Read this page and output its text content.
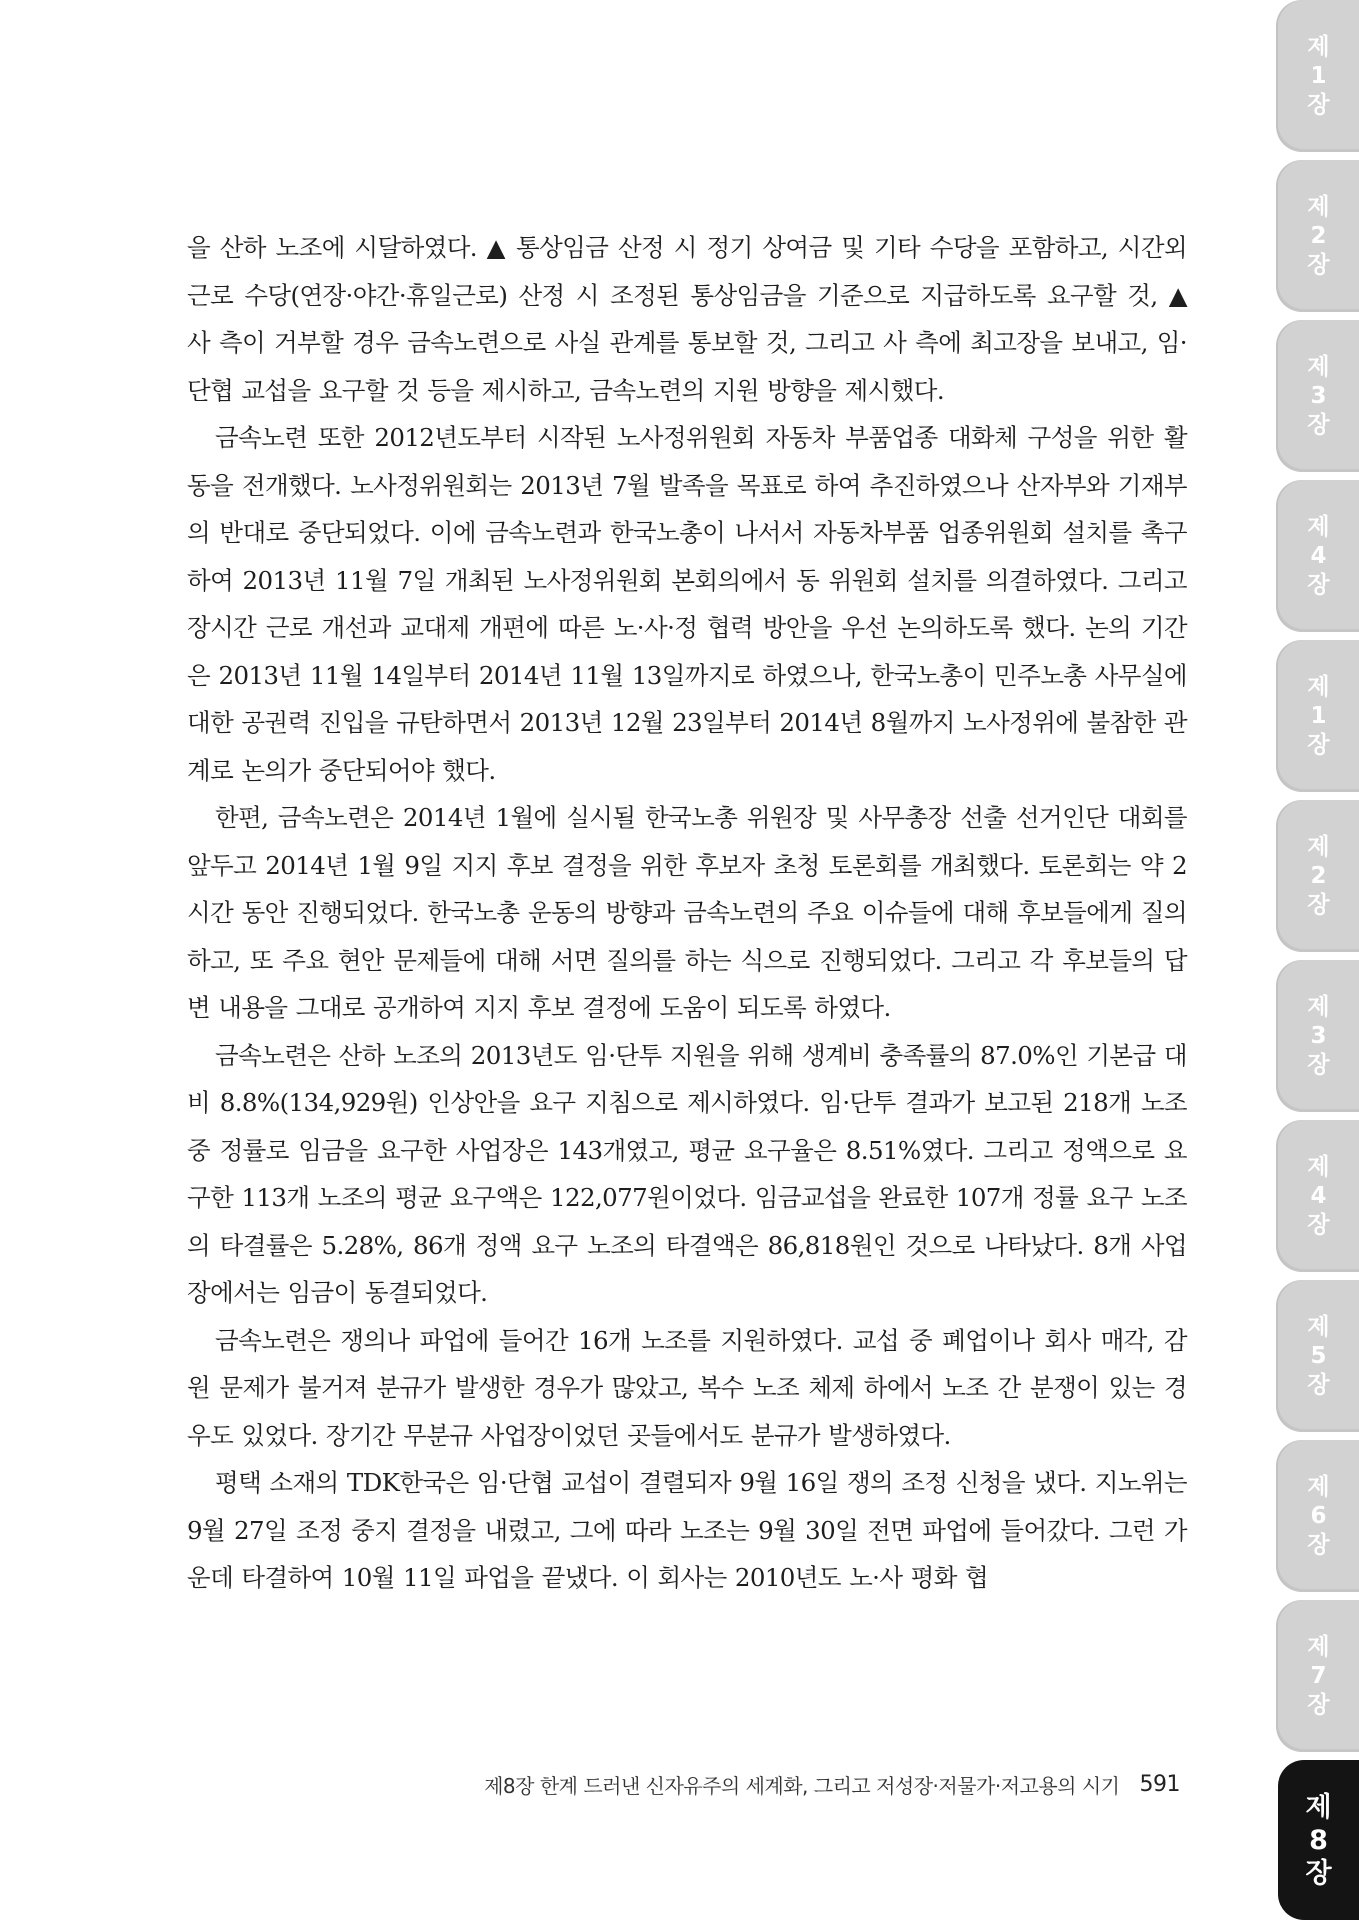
을 산하 노조에 시달하였다. ▲ 통상임금 산정 시 정기 상여금 및 기타 수당을 포함하고, 시간외 근로 수당(연장·야간·휴일근로) 산정 시 조정된 통상임금을 기준으로 지급하도록 요구할 것, ▲ 사 측이 거부할 경우 금속노련으로 사실 관계를 통보할 것, 그리고 사 측에 최고장을 보내고, 임·단협 교섭을 요구할 것 등을 제시하고, 금속노련의 지원 방향을 제시했다.

금속노련 또한 2012년도부터 시작된 노사정위원회 자동차 부품업종 대화체 구성을 위한 활동을 전개했다. 노사정위원회는 2013년 7월 발족을 목표로 하여 추진하였으나 산자부와 기재부의 반대로 중단되었다. 이에 금속노련과 한국노총이 나서서 자동차부품 업종위원회 설치를 촉구하여 2013년 11월 7일 개최된 노사정위원회 본회의에서 동 위원회 설치를 의결하였다. 그리고 장시간 근로 개선과 교대제 개편에 따른 노·사·정 협력 방안을 우선 논의하도록 했다. 논의 기간은 2013년 11월 14일부터 2014년 11월 13일까지로 하였으나, 한국노총이 민주노총 사무실에 대한 공권력 진입을 규탄하면서 2013년 12월 23일부터 2014년 8월까지 노사정위에 불참한 관계로 논의가 중단되어야 했다.

한편, 금속노련은 2014년 1월에 실시될 한국노총 위원장 및 사무총장 선출 선거인단 대회를 앞두고 2014년 1월 9일 지지 후보 결정을 위한 후보자 초청 토론회를 개최했다. 토론회는 약 2시간 동안 진행되었다. 한국노총 운동의 방향과 금속노련의 주요 이슈들에 대해 후보들에게 질의하고, 또 주요 현안 문제들에 대해 서면 질의를 하는 식으로 진행되었다. 그리고 각 후보들의 답변 내용을 그대로 공개하여 지지 후보 결정에 도움이 되도록 하였다.

금속노련은 산하 노조의 2013년도 임·단투 지원을 위해 생계비 충족률의 87.0%인 기본급 대비 8.8%(134,929원) 인상안을 요구 지침으로 제시하였다. 임·단투 결과가 보고된 218개 노조 중 정률로 임금을 요구한 사업장은 143개였고, 평균 요구율은 8.51%였다. 그리고 정액으로 요구한 113개 노조의 평균 요구액은 122,077원이었다. 임금교섭을 완료한 107개 정률 요구 노조의 타결률은 5.28%, 86개 정액 요구 노조의 타결액은 86,818원인 것으로 나타났다. 8개 사업장에서는 임금이 동결되었다.

금속노련은 쟁의나 파업에 들어간 16개 노조를 지원하였다. 교섭 중 폐업이나 회사 매각, 감원 문제가 불거져 분규가 발생한 경우가 많았고, 복수 노조 체제 하에서 노조 간 분쟁이 있는 경우도 있었다. 장기간 무분규 사업장이었던 곳들에서도 분규가 발생하였다.

평택 소재의 TDK한국은 임·단협 교섭이 결렬되자 9월 16일 쟁의 조정 신청을 냈다. 지노위는 9월 27일 조정 중지 결정을 내렸고, 그에 따라 노조는 9월 30일 전면 파업에 들어갔다. 그런 가운데 타결하여 10월 11일 파업을 끝냈다. 이 회사는 2010년도 노·사 평화 협

제8장 한계 드러낸 신자유주의 세계화, 그리고 저성장·저물가·저고용의 시기 591
제
1
장
제
2
장
제
3
장
제
4
장
제
1
장
제
2
장
제
3
장
제
4
장
제
5
장
제
6
장
제
7
장
제
8
장
